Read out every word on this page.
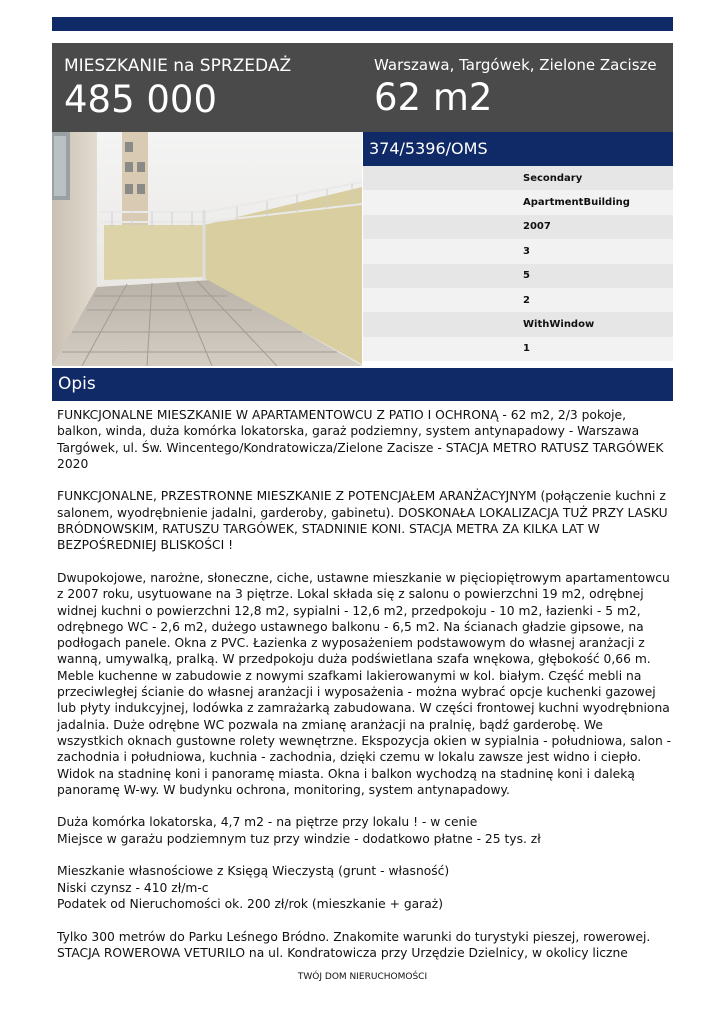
MIESZKANIE na SPRZEDAŻ
485 000
Warszawa, Targówek, Zielone Zacisze
62 m2
374/5396/OMS
Secondary
ApartmentBuilding
2007
3
5
2
WithWindow
1
Opis

FUNKCJONALNE MIESZKANIE W APARTAMENTOWCU Z PATIO I OCHRONĄ - 62 m2, 2/3 pokoje, balkon, winda, duża komórka lokatorska, garaż podziemny, system antynapadowy - Warszawa Targówek, ul. Św. Wincentego/Kondratowicza/Zielone Zacisze - STACJA METRO RATUSZ TARGÓWEK 2020

FUNKCJONALNE, PRZESTRONNE MIESZKANIE Z POTENCJAŁEM ARANŻACYJNYM (połączenie kuchni z salonem, wyodrębnienie jadalni, garderoby, gabinetu). DOSKONAŁA LOKALIZACJA TUŻ PRZY LASKU BRÓDNOWSKIM, RATUSZU TARGÓWEK, STADNINIE KONI. STACJA METRA ZA KILKA LAT W BEZPOŚREDNIEJ BLISKOŚCI !

Dwupokojowe, narożne, słoneczne, ciche, ustawne mieszkanie w pięciopiętrowym apartamentowcu z 2007 roku, usytuowane na 3 piętrze. Lokal składa się z salonu o powierzchni 19 m2, odrębnej widnej kuchni o powierzchni 12,8 m2, sypialni - 12,6 m2, przedpokoju - 10 m2, łazienki - 5 m2, odrębnego WC - 2,6 m2, dużego ustawnego balkonu - 6,5 m2. Na ścianach gładzie gipsowe, na podłogach panele. Okna z PVC. Łazienka z wyposażeniem podstawowym do własnej aranżacji z wanną, umywalką, pralką. W przedpokoju duża podświetlana szafa wnękowa, głębokość 0,66 m. Meble kuchenne w zabudowie z nowymi szafkami lakierowanymi w kol. białym. Część mebli na przeciwległej ścianie do własnej aranżacji i wyposażenia - można wybrać opcje kuchenki gazowej lub płyty indukcyjnej, lodówka z zamrażarką zabudowana. W części frontowej kuchni wyodrębniona jadalnia. Duże odrębne WC pozwala na zmianę aranżacji na pralnię, bądź garderobę. We wszystkich oknach gustowne rolety wewnętrzne. Ekspozycja okien w sypialnia - południowa, salon - zachodnia i południowa, kuchnia - zachodnia, dzięki czemu w lokalu zawsze jest widno i ciepło. Widok na stadninę koni i panoramę miasta. Okna i balkon wychodzą na stadninę koni i daleką panoramę W-wy. W budynku ochrona, monitoring, system antynapadowy.

Duża komórka lokatorska, 4,7 m2 - na piętrze przy lokalu ! - w cenie
Miejsce w garażu podziemnym tuz przy windzie - dodatkowo płatne - 25 tys. zł

Mieszkanie własnościowe z Księgą Wieczystą (grunt - własność)
Niski czynsz - 410 zł/m-c
Podatek od Nieruchomości ok. 200 zł/rok (mieszkanie + garaż)

Tylko 300 metrów do Parku Leśnego Bródno. Znakomite warunki do turystyki pieszej, rowerowej. STACJA ROWEROWA VETURILO na ul. Kondratowicza przy Urzędzie Dzielnicy, w okolicy liczne

TWÓJ DOM NIERUCHOMOŚCI
